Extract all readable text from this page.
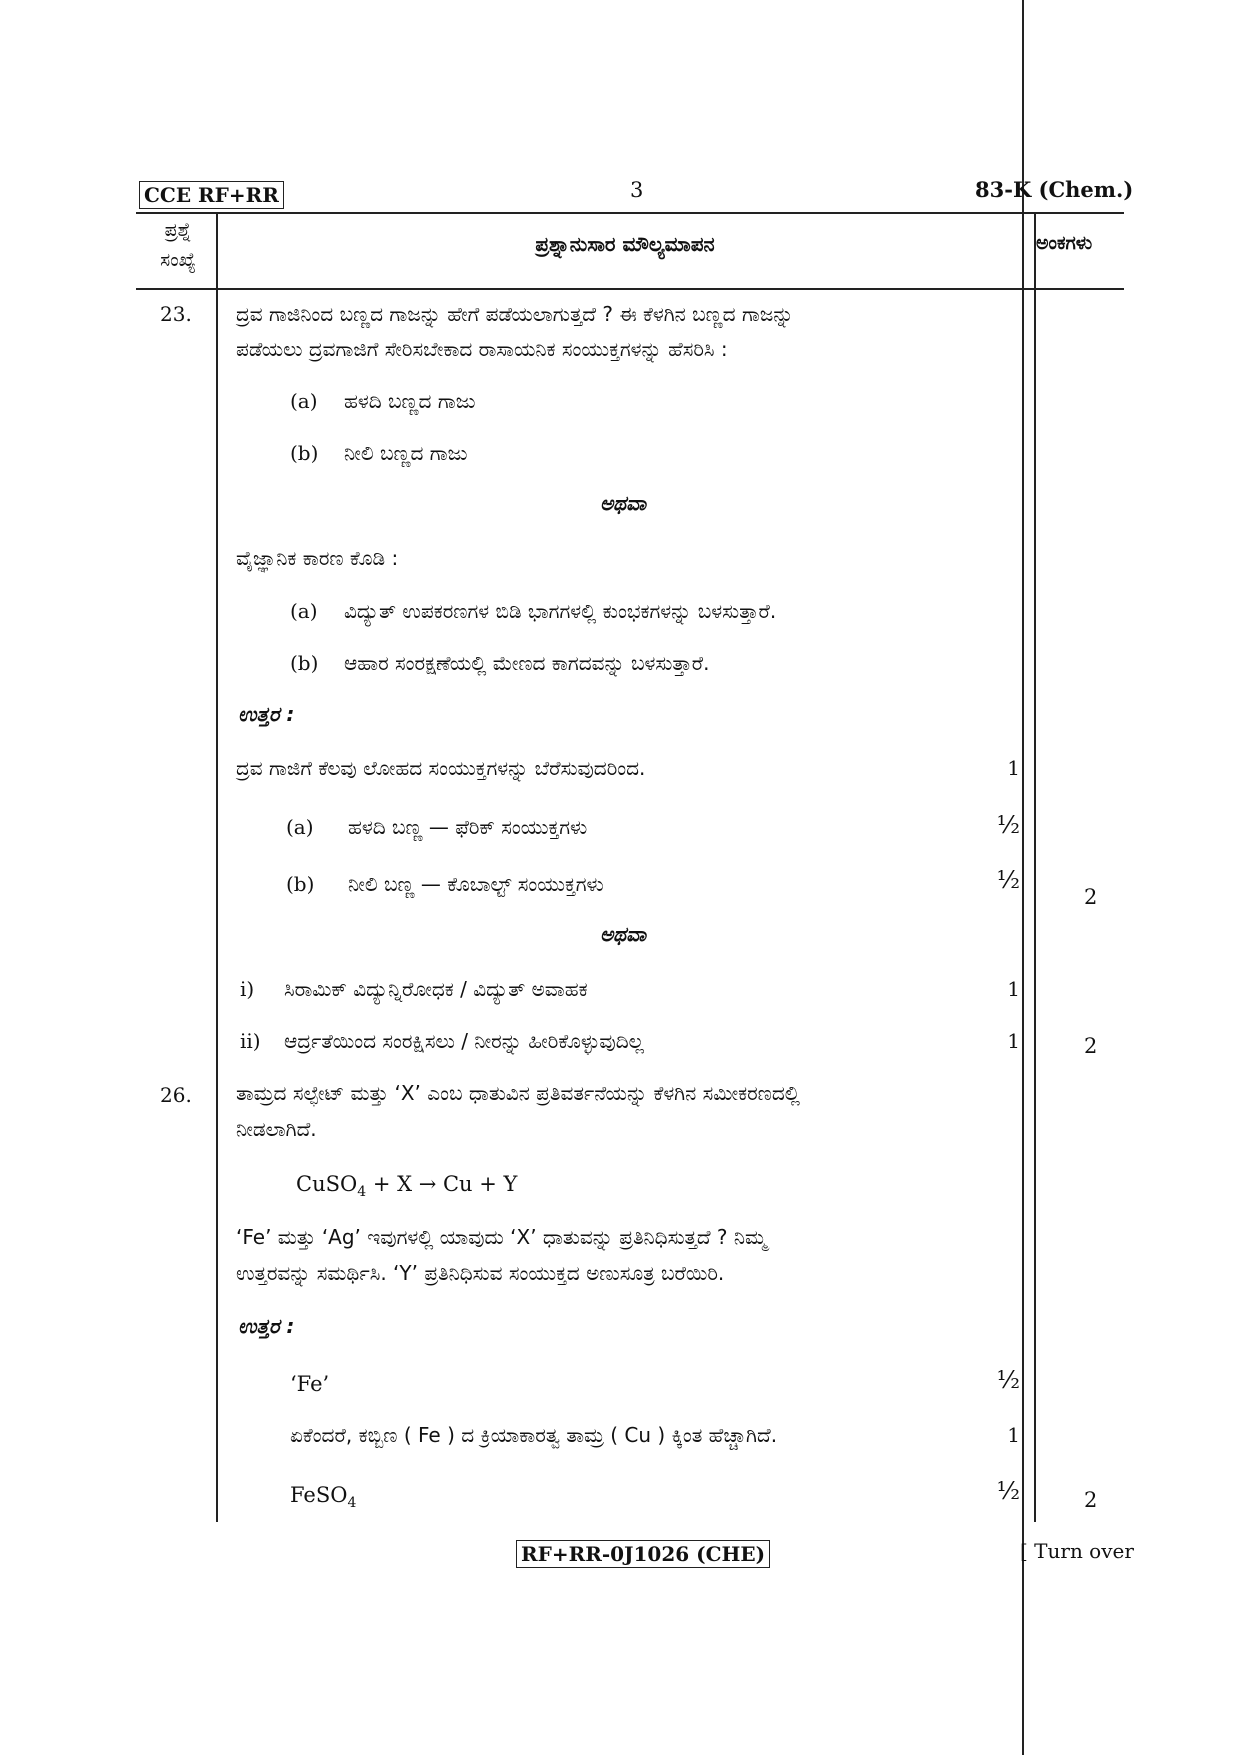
CCE RF+RR	3	83-K (Chem.)
ಪ್ರಶ್ನೆ
ಸಂಖ್ಯೆ
ಪ್ರಶ್ನಾನುಸಾರ ಮೌಲ್ಯಮಾಪನ	ಅಂಕಗಳು
23. ದ್ರವ ಗಾಜಿನಿಂದ ಬಣ್ಣದ ಗಾಜನ್ನು ಹೇಗೆ ಪಡೆಯಲಾಗುತ್ತದೆ ? ಈ ಕೆಳಗಿನ ಬಣ್ಣದ ಗಾಜನ್ನು
ಪಡೆಯಲು ದ್ರವಗಾಜಿಗೆ ಸೇರಿಸಬೇಕಾದ ರಾಸಾಯನಿಕ ಸಂಯುಕ್ತಗಳನ್ನು ಹೆಸರಿಸಿ :
(a) ಹಳದಿ ಬಣ್ಣದ ಗಾಜು
(b) ನೀಲಿ ಬಣ್ಣದ ಗಾಜು
ಅಥವಾ
ವೈಜ್ಞಾನಿಕ ಕಾರಣ ಕೊಡಿ :
(a) ವಿದ್ಯುತ್ ಉಪಕರಣಗಳ ಬಿಡಿ ಭಾಗಗಳಲ್ಲಿ ಕುಂಭಕಗಳನ್ನು ಬಳಸುತ್ತಾರೆ.
(b) ಆಹಾರ ಸಂರಕ್ಷಣೆಯಲ್ಲಿ ಮೇಣದ ಕಾಗದವನ್ನು ಬಳಸುತ್ತಾರೆ.
ಉತ್ತರ :
ದ್ರವ ಗಾಜಿಗೆ ಕೆಲವು ಲೋಹದ ಸಂಯುಕ್ತಗಳನ್ನು ಬೆರೆಸುವುದರಿಂದ.	1
(a) ಹಳದಿ ಬಣ್ಣ — ಫೆರಿಕ್ ಸಂಯುಕ್ತಗಳು	½
(b) ನೀಲಿ ಬಣ್ಣ — ಕೊಬಾಲ್ಟ್ ಸಂಯುಕ್ತಗಳು	½
2
ಅಥವಾ
i) ಸಿರಾಮಿಕ್ ವಿದ್ಯುನ್ನಿರೋಧಕ / ವಿದ್ಯುತ್ ಅವಾಹಕ	1
ii) ಆರ್ದ್ರತೆಯಿಂದ ಸಂರಕ್ಷಿಸಲು / ನೀರನ್ನು ಹೀರಿಕೊಳ್ಳುವುದಿಲ್ಲ	1	2
26. ತಾಮ್ರದ ಸಲ್ಫೇಟ್ ಮತ್ತು ‘X’ ಎಂಬ ಧಾತುವಿನ ಪ್ರತಿವರ್ತನೆಯನ್ನು ಕೆಳಗಿನ ಸಮೀಕರಣದಲ್ಲಿ
ನೀಡಲಾಗಿದೆ.
CuSO$_4$ + X → Cu + Y
‘Fe’ ಮತ್ತು ‘Ag’ ಇವುಗಳಲ್ಲಿ ಯಾವುದು ‘X’ ಧಾತುವನ್ನು ಪ್ರತಿನಿಧಿಸುತ್ತದೆ ? ನಿಮ್ಮ
ಉತ್ತರವನ್ನು ಸಮರ್ಥಿಸಿ. ‘Y’ ಪ್ರತಿನಿಧಿಸುವ ಸಂಯುಕ್ತದ ಅಣುಸೂತ್ರ ಬರೆಯಿರಿ.
ಉತ್ತರ :
‘Fe’	½
ಏಕೆಂದರೆ, ಕಬ್ಬಿಣ ( Fe ) ದ ಕ್ರಿಯಾಕಾರತ್ವ ತಾಮ್ರ ( Cu ) ಕ್ಕಿಂತ ಹೆಚ್ಚಾಗಿದೆ.	1
FeSO$_4$	½	2
RF+RR-0J1026 (CHE)	[ Turn over
